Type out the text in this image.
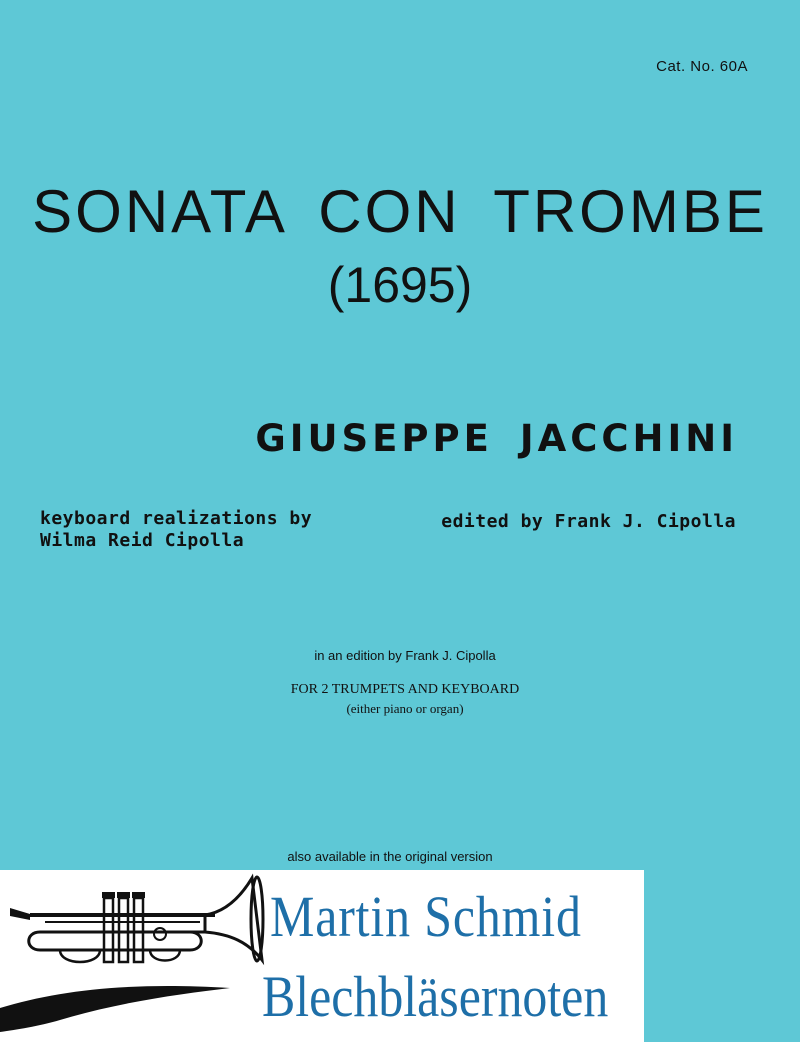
Cat. No. 60A
SONATA CON TROMBE
(1695)
GIUSEPPE JACCHINI
keyboard realizations by
Wilma Reid Cipolla
edited by Frank J. Cipolla
in an edition by Frank J. Cipolla
FOR 2 TRUMPETS AND KEYBOARD
(either piano or organ)
also available in the original version
Martin Schmid
Blechbläsernoten
